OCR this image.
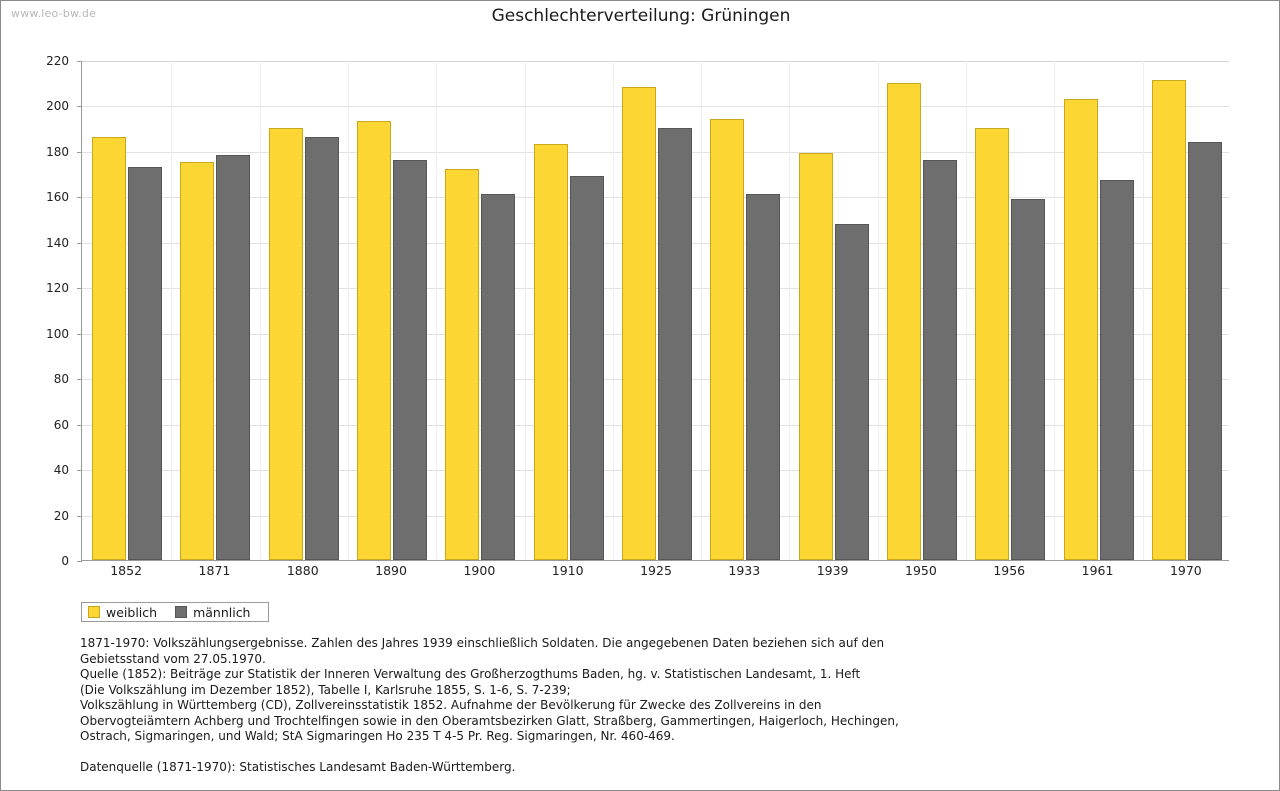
www.leo-bw.de	Geschlechterverteilung: Grüningen
0
20
40
60
80
100
120
140
160
180
200
220
1852	1871	1880	1890	1900	1910	1925	1933	1939	1950	1956	1961	1970
weiblich	männlich

1871-1970: Volkszählungsergebnisse. Zahlen des Jahres 1939 einschließlich Soldaten. Die angegebenen Daten beziehen sich auf den

Gebietsstand vom 27.05.1970.

Quelle (1852): Beiträge zur Statistik der Inneren Verwaltung des Großherzogthums Baden, hg. v. Statistischen Landesamt, 1. Heft

(Die Volkszählung im Dezember 1852), Tabelle I, Karlsruhe 1855, S. 1-6, S. 7-239;

Volkszählung in Württemberg (CD), Zollvereinsstatistik 1852. Aufnahme der Bevölkerung für Zwecke des Zollvereins in den

Obervogteiämtern Achberg und Trochtelfingen sowie in den Oberamtsbezirken Glatt, Straßberg, Gammertingen, Haigerloch, Hechingen,

Ostrach, Sigmaringen, und Wald; StA Sigmaringen Ho 235 T 4-5 Pr. Reg. Sigmaringen, Nr. 460-469.

Datenquelle (1871-1970): Statistisches Landesamt Baden-Württemberg.
